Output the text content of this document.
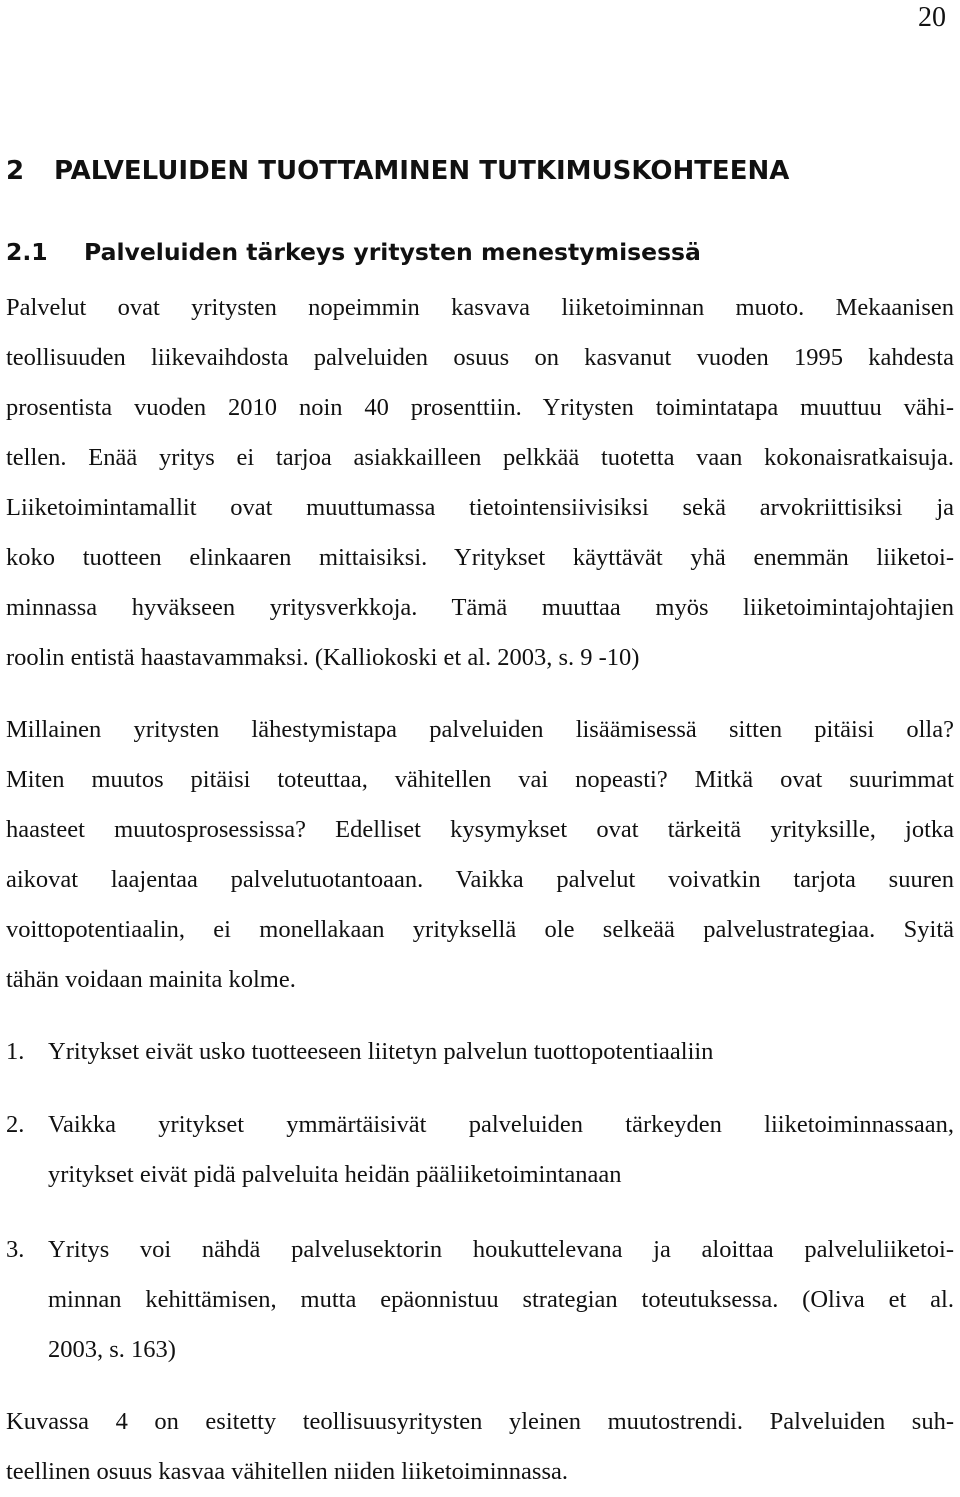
20
2 PALVELUIDEN TUOTTAMINEN TUTKIMUSKOHTEENA
2.1 Palveluiden tärkeys yritysten menestymisessä
Palvelut ovat yritysten nopeimmin kasvava liiketoiminnan muoto. Mekaanisen
teollisuuden liikevaihdosta palveluiden osuus on kasvanut vuoden 1995 kahdesta
prosentista vuoden 2010 noin 40 prosenttiin. Yritysten toimintatapa muuttuu vähi-
tellen. Enää yritys ei tarjoa asiakkailleen pelkkää tuotetta vaan kokonaisratkaisuja.
Liiketoimintamallit ovat muuttumassa tietointensiivisiksi sekä arvokriittisiksi ja
koko tuotteen elinkaaren mittaisiksi. Yritykset käyttävät yhä enemmän liiketoi-
minnassa hyväkseen yritysverkkoja. Tämä muuttaa myös liiketoimintajohtajien
roolin entistä haastavammaksi. (Kalliokoski et al. 2003, s. 9 -10)
Millainen yritysten lähestymistapa palveluiden lisäämisessä sitten pitäisi olla?
Miten muutos pitäisi toteuttaa, vähitellen vai nopeasti? Mitkä ovat suurimmat
haasteet muutosprosessissa? Edelliset kysymykset ovat tärkeitä yrityksille, jotka
aikovat laajentaa palvelutuotantoaan. Vaikka palvelut voivatkin tarjota suuren
voittopotentiaalin, ei monellakaan yrityksellä ole selkeää palvelustrategiaa. Syitä
tähän voidaan mainita kolme.
1. Yritykset eivät usko tuotteeseen liitetyn palvelun tuottopotentiaaliin
2. Vaikka yritykset ymmärtäisivät palveluiden tärkeyden liiketoiminnassaan,
yritykset eivät pidä palveluita heidän pääliiketoimintanaan
3. Yritys voi nähdä palvelusektorin houkuttelevana ja aloittaa palveluliiketoi-
minnan kehittämisen, mutta epäonnistuu strategian toteutuksessa. (Oliva et al.
2003, s. 163)
Kuvassa 4 on esitetty teollisuusyritysten yleinen muutostrendi. Palveluiden suh-
teellinen osuus kasvaa vähitellen niiden liiketoiminnassa.
